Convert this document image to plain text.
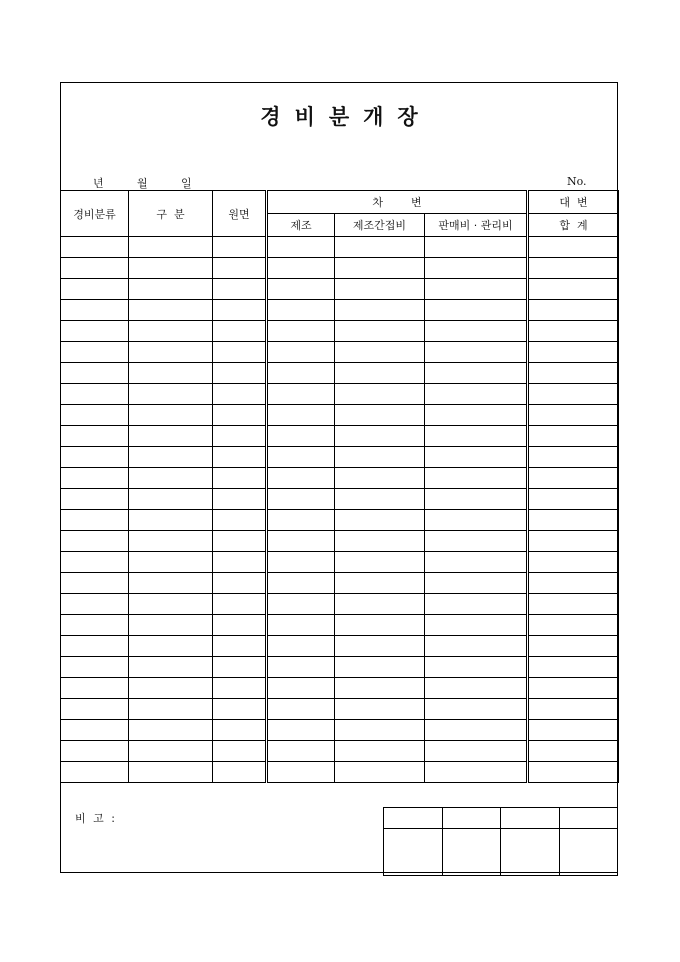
경비분개장
년	월	일	No.
경비분류	구  분	원면	차        변			대  변
			제조	제조간접비	판매비 · 관리비	합  계

비 고 :
